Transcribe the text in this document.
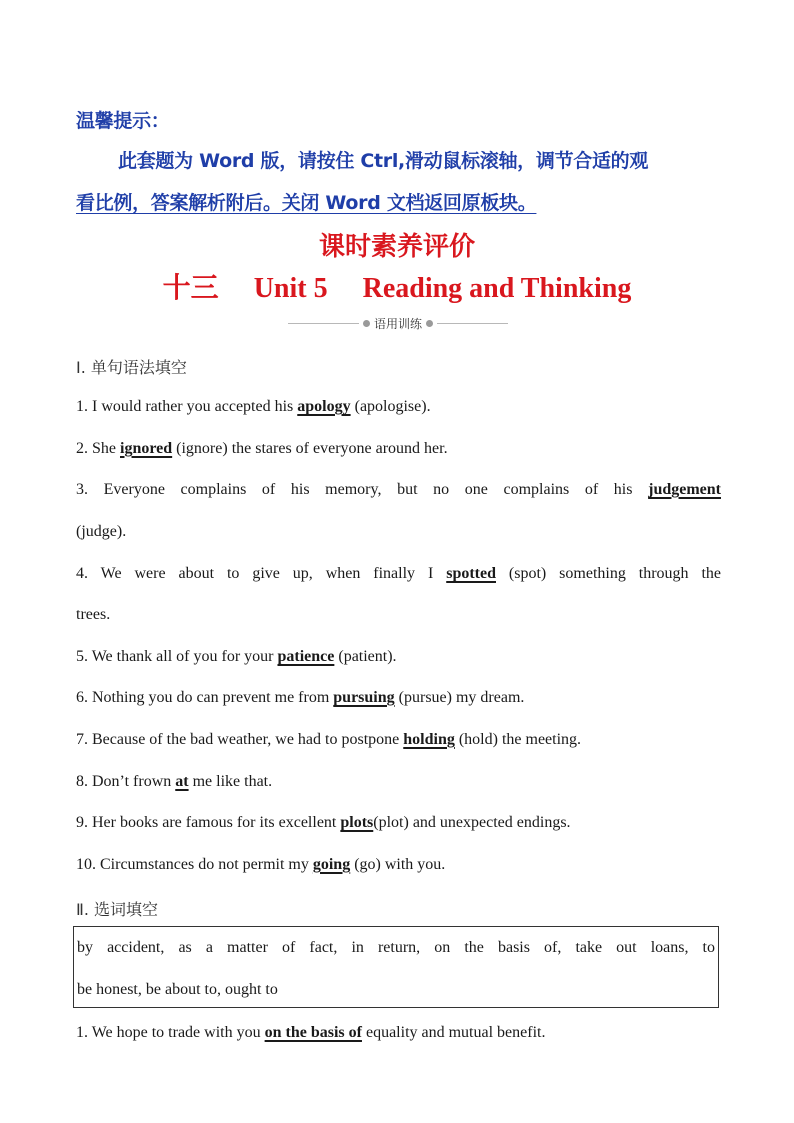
温馨提示：
此套题为 Word 版，请按住 Ctrl,滑动鼠标滚轴，调节合适的观
看比例，答案解析附后。关闭 Word 文档返回原板块。
课时素养评价
十三 Unit 5 Reading and Thinking
语用训练
Ⅰ. 单句语法填空
1. I would rather you accepted his apology (apologise).
2. She ignored (ignore) the stares of everyone around her.
3. Everyone complains of his memory, but no one complains of his judgement
(judge).
4. We were about to give up, when finally I spotted (spot) something through the
trees.
5. We thank all of you for your patience (patient).
6. Nothing you do can prevent me from pursuing (pursue) my dream.
7. Because of the bad weather, we had to postpone holding (hold) the meeting.
8. Don’t frown at me like that.
9. Her books are famous for its excellent plots(plot) and unexpected endings.
10. Circumstances do not permit my going (go) with you.
Ⅱ. 选词填空
by accident, as a matter of fact, in return, on the basis of, take out loans, to
be honest, be about to, ought to
1. We hope to trade with you on the basis of equality and mutual benefit.
